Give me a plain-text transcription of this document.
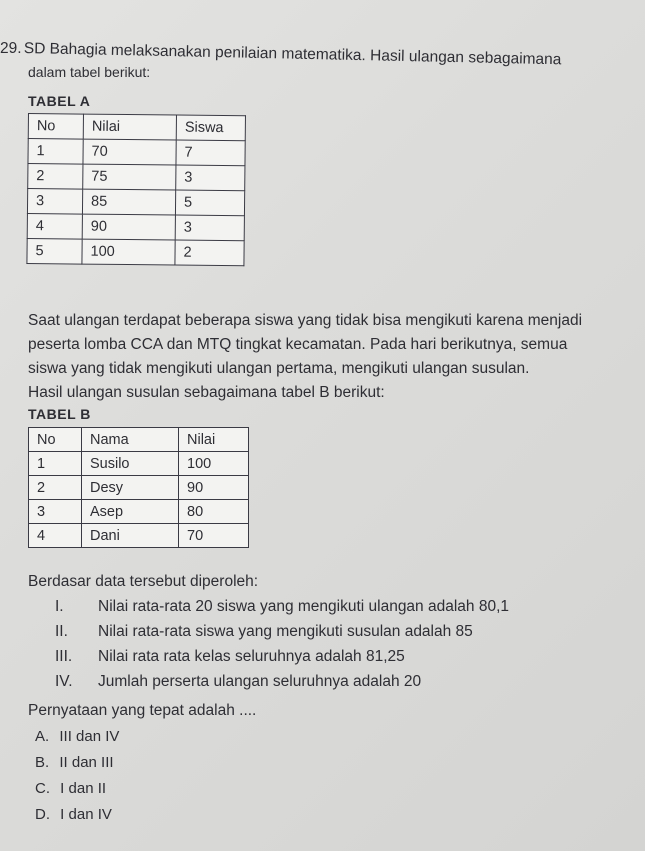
29. SD Bahagia melaksanakan penilaian matematika. Hasil ulangan sebagaimana
dalam tabel berikut:
TABEL A
No	Nilai	Siswa
1	70	7
2	75	3
3	85	5
4	90	3
5	100	2
Saat ulangan terdapat beberapa siswa yang tidak bisa mengikuti karena menjadi
peserta lomba CCA dan MTQ tingkat kecamatan. Pada hari berikutnya, semua
siswa yang tidak mengikuti ulangan pertama, mengikuti ulangan susulan.
Hasil ulangan susulan sebagaimana tabel B berikut:
TABEL B
No	Nama	Nilai
1	Susilo	100
2	Desy	90
3	Asep	80
4	Dani	70
Berdasar data tersebut diperoleh:
I. Nilai rata-rata 20 siswa yang mengikuti ulangan adalah 80,1
II. Nilai rata-rata siswa yang mengikuti susulan adalah 85
III. Nilai rata rata kelas seluruhnya adalah 81,25
IV. Jumlah perserta ulangan seluruhnya adalah 20
Pernyataan yang tepat adalah ....
A. III dan IV
B. II dan III
C. I dan II
D. I dan IV
